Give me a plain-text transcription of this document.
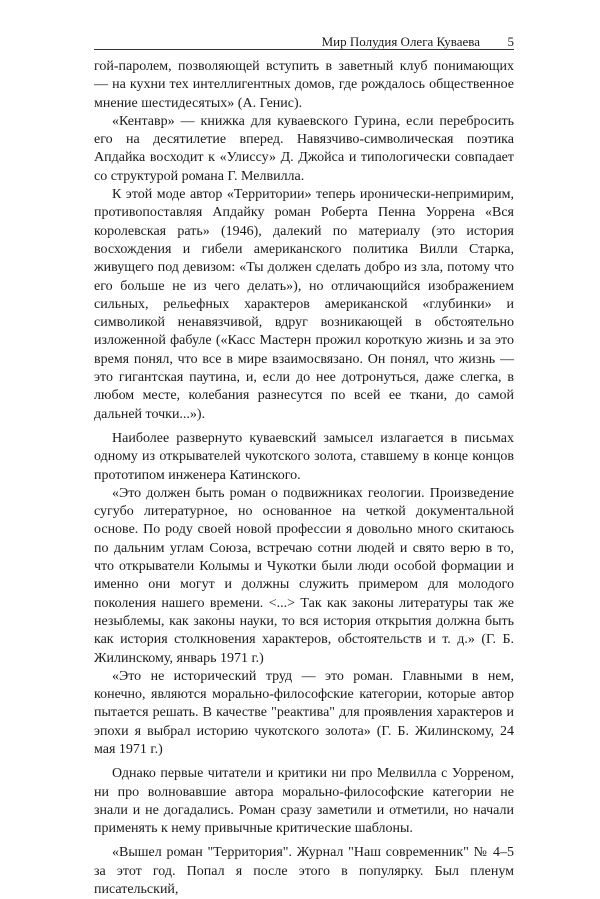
Мир Полудия Олега Куваева 5

гой-паролем, позволяющей вступить в заветный клуб понимающих — на кухни тех интеллигентных домов, где рождалось общественное мнение шестидесятых» (А. Генис).

«Кентавр» — книжка для куваевского Гурина, если перебросить его на десятилетие вперед. Навязчиво-символическая поэтика Апдайка восходит к «Улиссу» Д. Джойса и типологически совпадает со структурой романа Г. Мелвилла.

К этой моде автор «Территории» теперь иронически-непримирим, противопоставляя Апдайку роман Роберта Пенна Уоррена «Вся королевская рать» (1946), далекий по материалу (это история восхождения и гибели американского политика Вилли Старка, живущего под девизом: «Ты должен сделать добро из зла, потому что его больше не из чего делать»), но отличающийся изображением сильных, рельефных характеров американской «глубинки» и символикой ненавязчивой, вдруг возникающей в обстоятельно изложенной фабуле («Касс Мастерн прожил короткую жизнь и за это время понял, что все в мире взаимосвязано. Он понял, что жизнь — это гигантская паутина, и, если до нее дотронуться, даже слегка, в любом месте, колебания разнесутся по всей ее ткани, до самой дальней точки...»).

Наиболее развернуто куваевский замысел излагается в письмах одному из открывателей чукотского золота, ставшему в конце концов прототипом инженера Катинского.

«Это должен быть роман о подвижниках геологии. Произведение сугубо литературное, но основанное на четкой документальной основе. По роду своей новой профессии я довольно много скитаюсь по дальним углам Союза, встречаю сотни людей и свято верю в то, что открыватели Колымы и Чукотки были люди особой формации и именно они могут и должны служить примером для молодого поколения нашего времени. <...> Так как законы литературы так же незыблемы, как законы науки, то вся история открытия должна быть как история столкновения характеров, обстоятельств и т. д.» (Г. Б. Жилинскому, январь 1971 г.)

«Это не исторический труд — это роман. Главными в нем, конечно, являются морально-философские категории, которые автор пытается решать. В качестве "реактива" для проявления характеров и эпохи я выбрал историю чукотского золота» (Г. Б. Жилинскому, 24 мая 1971 г.)

Однако первые читатели и критики ни про Мелвилла с Уорреном, ни про волновавшие автора морально-философские категории не знали и не догадались. Роман сразу заметили и отметили, но начали применять к нему привычные критические шаблоны.

«Вышел роман "Территория". Журнал "Наш современник" № 4–5 за этот год. Попал я после этого в популярку. Был пленум писательский,
